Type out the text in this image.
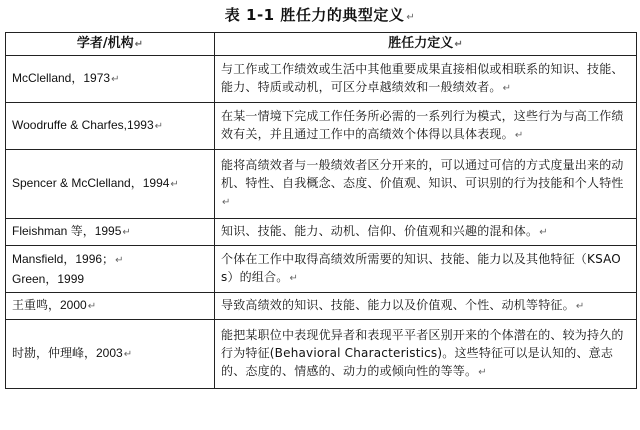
表 1-1 胜任力的典型定义 ↵
学者/机构↵	胜任力定义↵
McClelland，1973↵	与工作或工作绩效或生活中其他重要成果直接相似或相联系的知识、技能、能力、特质或动机，可区分卓越绩效和一般绩效者。↵
Woodruffe & Charfes,1993↵	在某一情境下完成工作任务所必需的一系列行为模式，这些行为与高工作绩效有关，并且通过工作中的高绩效个体得以具体表现。↵
Spencer & McClelland，1994↵	能将高绩效者与一般绩效者区分开来的，可以通过可信的方式度量出来的动机、特性、自我概念、态度、价值观、知识、可识别的行为技能和个人特性↵
Fleishman 等，1995↵	知识、技能、能力、动机、信仰、价值观和兴趣的混和体。↵
Mansfield，1996；↵
Green，1999	个体在工作中取得高绩效所需要的知识、技能、能力以及其他特征（KSAOs）的组合。↵
王重鸣，2000↵	导致高绩效的知识、技能、能力以及价值观、个性、动机等特征。↵
时勘，仲理峰，2003↵	能把某职位中表现优异者和表现平平者区别开来的个体潜在的、较为持久的行为特征(Behavioral Characteristics)。这些特征可以是认知的、意志的、态度的、情感的、动力的或倾向性的等等。↵
